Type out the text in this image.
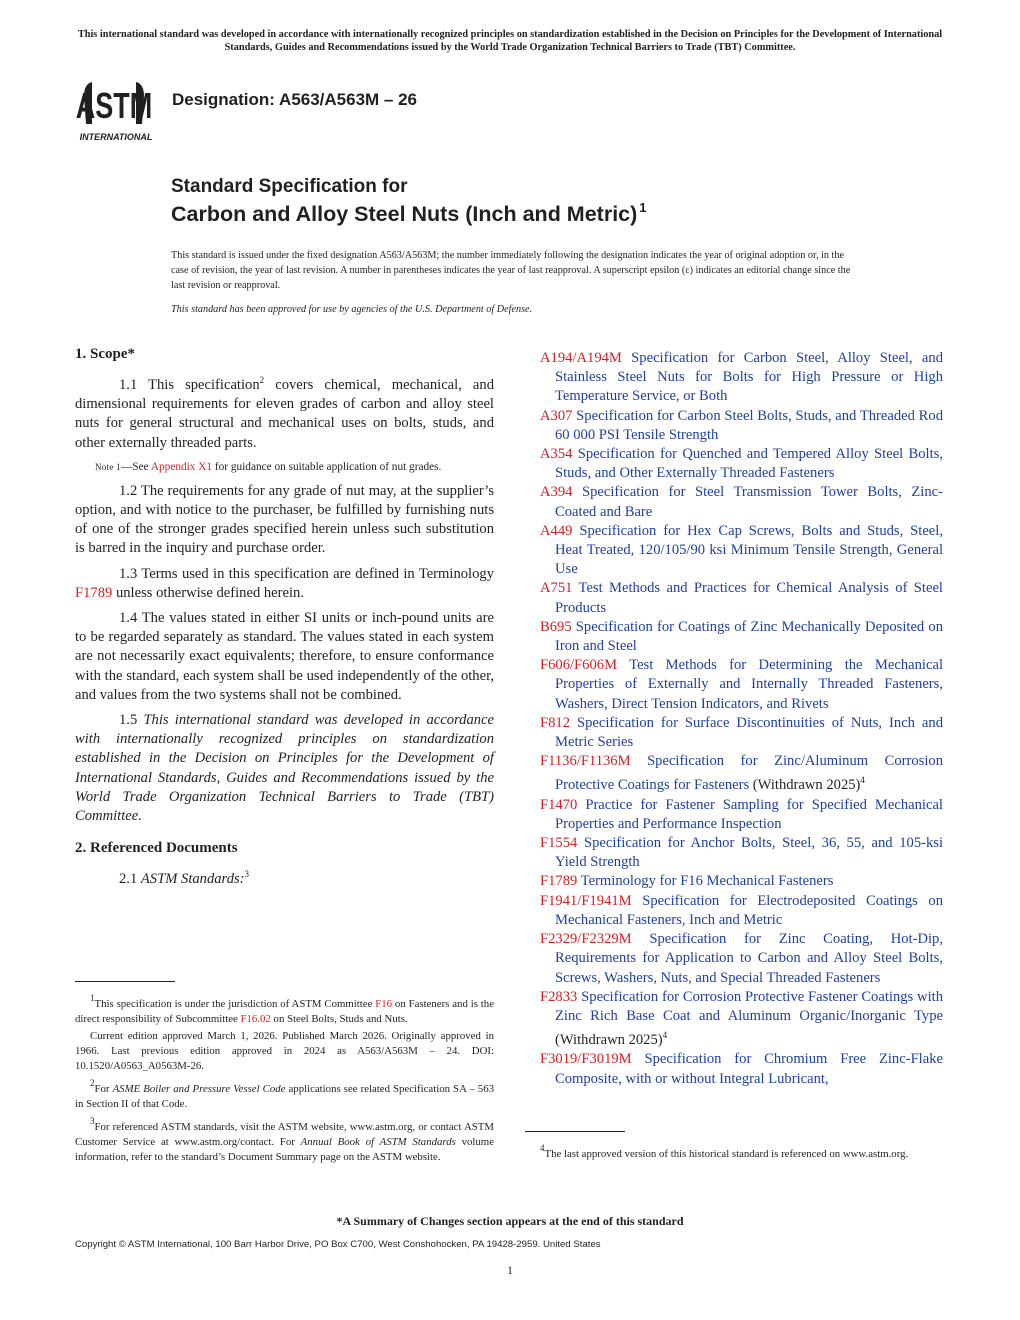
This international standard was developed in accordance with internationally recognized principles on standardization established in the Decision on Principles for the Development of International Standards, Guides and Recommendations issued by the World Trade Organization Technical Barriers to Trade (TBT) Committee.
ASTM
INTERNATIONAL
Designation: A563/A563M – 26
Standard Specification for
Carbon and Alloy Steel Nuts (Inch and Metric) $^1$
This standard is issued under the fixed designation A563/A563M; the number immediately following the designation indicates the year of original adoption or, in the case of revision, the year of last revision. A number in parentheses indicates the year of last reapproval. A superscript epsilon (ε) indicates an editorial change since the last revision or reapproval.
This standard has been approved for use by agencies of the U.S. Department of Defense.
1. Scope*

1.1 This specification$^2$ covers chemical, mechanical, and dimensional requirements for eleven grades of carbon and alloy steel nuts for general structural and mechanical uses on bolts, studs, and other externally threaded parts.

Note 1—See Appendix X1 for guidance on suitable application of nut grades.

1.2 The requirements for any grade of nut may, at the supplier’s option, and with notice to the purchaser, be fulfilled by furnishing nuts of one of the stronger grades specified herein unless such substitution is barred in the inquiry and purchase order.

1.3 Terms used in this specification are defined in Terminology F1789 unless otherwise defined herein.

1.4 The values stated in either SI units or inch-pound units are to be regarded separately as standard. The values stated in each system are not necessarily exact equivalents; therefore, to ensure conformance with the standard, each system shall be used independently of the other, and values from the two systems shall not be combined.

1.5 This international standard was developed in accordance with internationally recognized principles on standardization established in the Decision on Principles for the Development of International Standards, Guides and Recommendations issued by the World Trade Organization Technical Barriers to Trade (TBT) Committee.

2. Referenced Documents

2.1 ASTM Standards:$^3$

$^1$This specification is under the jurisdiction of ASTM Committee F16 on Fasteners and is the direct responsibility of Subcommittee F16.02 on Steel Bolts, Studs and Nuts.

Current edition approved March 1, 2026. Published March 2026. Originally approved in 1966. Last previous edition approved in 2024 as A563/A563M – 24. DOI: 10.1520/A0563_A0563M-26.

$^2$For ASME Boiler and Pressure Vessel Code applications see related Specification SA – 563 in Section II of that Code.

$^3$For referenced ASTM standards, visit the ASTM website, www.astm.org, or contact ASTM Customer Service at www.astm.org/contact. For Annual Book of ASTM Standards volume information, refer to the standard’s Document Summary page on the ASTM website.

A194/A194M Specification for Carbon Steel, Alloy Steel, and Stainless Steel Nuts for Bolts for High Pressure or High Temperature Service, or Both

A307 Specification for Carbon Steel Bolts, Studs, and Threaded Rod 60 000 PSI Tensile Strength

A354 Specification for Quenched and Tempered Alloy Steel Bolts, Studs, and Other Externally Threaded Fasteners

A394 Specification for Steel Transmission Tower Bolts, Zinc-Coated and Bare

A449 Specification for Hex Cap Screws, Bolts and Studs, Steel, Heat Treated, 120/105/90 ksi Minimum Tensile Strength, General Use

A751 Test Methods and Practices for Chemical Analysis of Steel Products

B695 Specification for Coatings of Zinc Mechanically Deposited on Iron and Steel

F606/F606M Test Methods for Determining the Mechanical Properties of Externally and Internally Threaded Fasteners, Washers, Direct Tension Indicators, and Rivets

F812 Specification for Surface Discontinuities of Nuts, Inch and Metric Series

F1136/F1136M Specification for Zinc/Aluminum Corrosion Protective Coatings for Fasteners (Withdrawn 2025)$^4$

F1470 Practice for Fastener Sampling for Specified Mechanical Properties and Performance Inspection

F1554 Specification for Anchor Bolts, Steel, 36, 55, and 105-ksi Yield Strength

F1789 Terminology for F16 Mechanical Fasteners

F1941/F1941M Specification for Electrodeposited Coatings on Mechanical Fasteners, Inch and Metric

F2329/F2329M Specification for Zinc Coating, Hot-Dip, Requirements for Application to Carbon and Alloy Steel Bolts, Screws, Washers, Nuts, and Special Threaded Fasteners

F2833 Specification for Corrosion Protective Fastener Coatings with Zinc Rich Base Coat and Aluminum Organic/Inorganic Type (Withdrawn 2025)$^4$

F3019/F3019M Specification for Chromium Free Zinc-Flake Composite, with or without Integral Lubricant,

$^4$The last approved version of this historical standard is referenced on www.astm.org.

*A Summary of Changes section appears at the end of this standard
Copyright © ASTM International, 100 Barr Harbor Drive, PO Box C700, West Conshohocken, PA 19428-2959. United States
1
